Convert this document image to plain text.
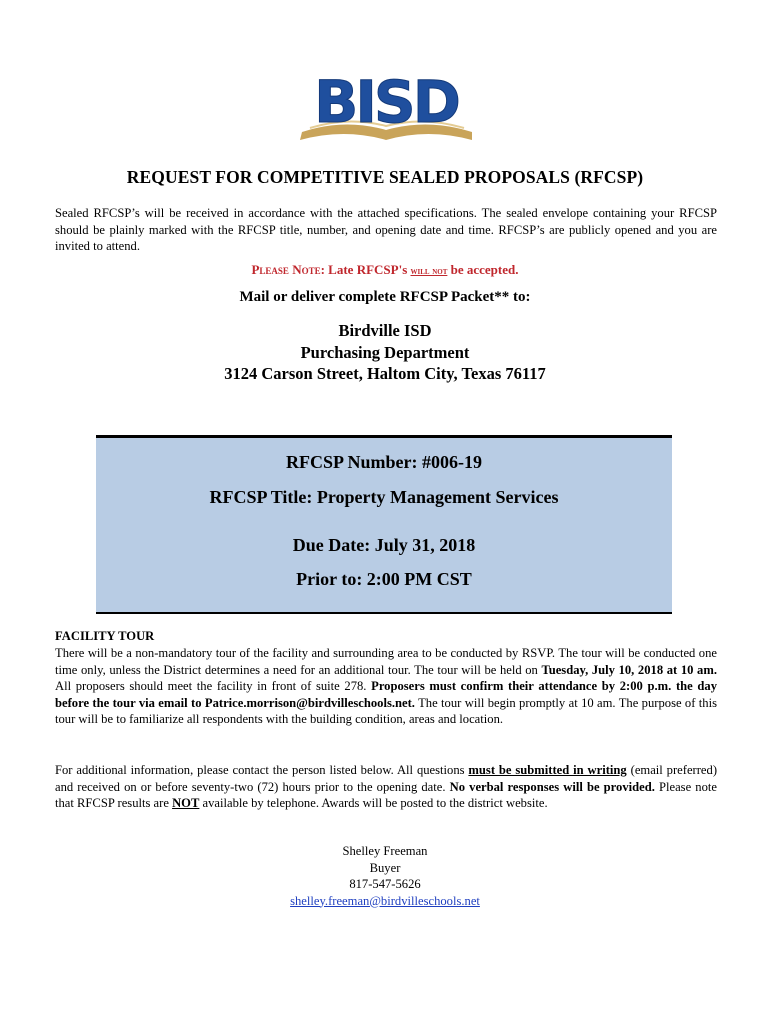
BISD
REQUEST FOR COMPETITIVE SEALED PROPOSALS (RFCSP)
Sealed RFCSP’s will be received in accordance with the attached specifications. The sealed envelope containing your RFCSP should be plainly marked with the RFCSP title, number, and opening date and time. RFCSP’s are publicly opened and you are invited to attend.
Please Note: Late RFCSP's will not be accepted.
Mail or deliver complete RFCSP Packet** to:
Birdville ISD
Purchasing Department
3124 Carson Street, Haltom City, Texas 76117
RFCSP Number: #006-19
RFCSP Title: Property Management Services
Due Date: July 31, 2018
Prior to: 2:00 PM CST
FACILITY TOUR
There will be a non-mandatory tour of the facility and surrounding area to be conducted by RSVP. The tour will be conducted one time only, unless the District determines a need for an additional tour. The tour will be held on Tuesday, July 10, 2018 at 10 am. All proposers should meet the facility in front of suite 278. Proposers must confirm their attendance by 2:00 p.m. the day before the tour via email to Patrice.morrison@birdvilleschools.net. The tour will begin promptly at 10 am. The purpose of this tour will be to familiarize all respondents with the building condition, areas and location.
For additional information, please contact the person listed below. All questions must be submitted in writing (email preferred) and received on or before seventy-two (72) hours prior to the opening date. No verbal responses will be provided. Please note that RFCSP results are NOT available by telephone. Awards will be posted to the district website.
Shelley Freeman
Buyer
817-547-5626
shelley.freeman@birdvilleschools.net
